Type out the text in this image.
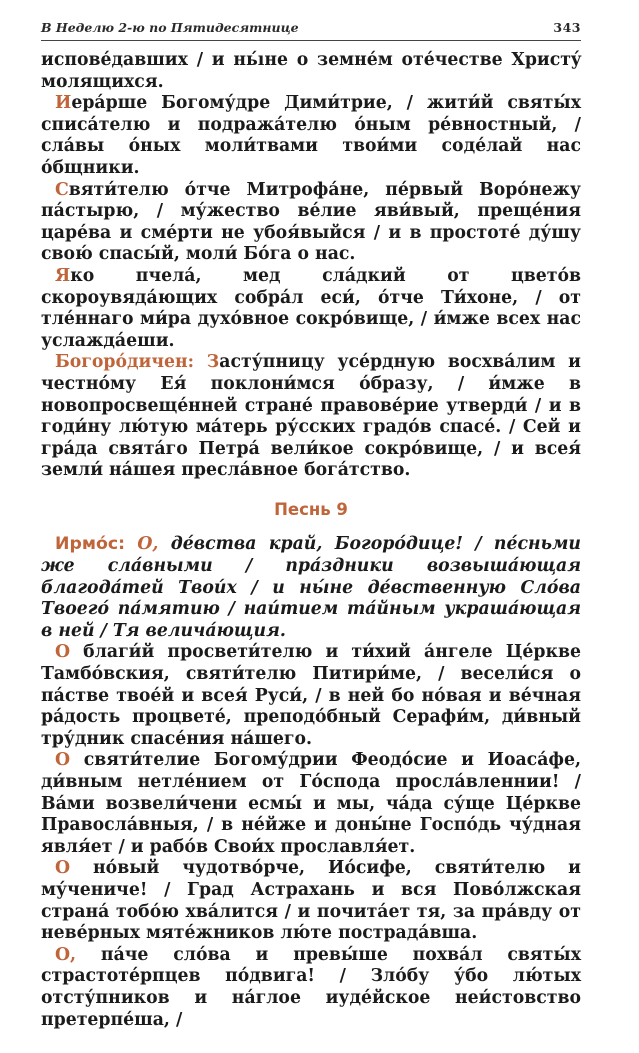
В Неделю 2-ю по Пятидесятнице	343

исповéдавших / и нь́ıне о земнéм отéчестве Христý молящихся.

Иера́рше Богому́дре Дими́трие, / жити́й святы́х списа́телю и подража́телю о́ным ре́вностный, / сла́вы о́ных моли́твами твои́ми соде́лай нас о́бщники.

Святи́телю о́тче Митрофа́не, пе́рвый Воро́нежу па́стырю, / му́жество ве́лие яви́вый, преще́ния царе́ва и сме́рти не убоя́выйся / и в простоте́ ду́шу свою́ спасы́й, моли́ Бо́га о нас.

Яко пчела́, мед сла́дкий от цвето́в скороувяда́ющих собра́л еси́, о́тче Ти́хоне, / от тле́ннаго ми́ра духо́вное сокро́вище, / и́мже всех нас услажда́еши.

Богоро́дичен: Засту́пницу усе́рдную восхва́лим и честно́му Ея́ поклони́мся о́бразу, / и́мже в новопросвеще́нней стране́ правове́рие утверди́ / и в годи́ну лю́тую ма́терь ру́сских градо́в спасе́. / Сей и гра́да свята́го Петра́ вели́кое сокро́вище, / и всея́ земли́ на́шея пресла́вное бога́тство.

Песнь 9

Ирмо́с: О, де́вства край, Богоро́дице! / пе́сньми же сла́вными / пра́здники возвыша́ющая благода́тей Твои́х / и ны́не де́вственную Сло́ва Твоего́ па́мятию / наи́тием та́йным украша́ющая в ней / Тя велича́ющия.

О благи́й просвети́телю и ти́хий а́нгеле Це́ркве Тамбо́вския, святи́телю Питири́ме, / весели́ся о па́стве твое́й и всея́ Руси́, / в ней бо но́вая и ве́чная ра́дость процвете́, преподо́бный Серафи́м, ди́вный тру́дник спасе́ния на́шего.

О святи́телие Богому́дрии Феодо́сие и Иоаса́фе, ди́вным нетле́нием от Го́спода просла́вленнии! / Ва́ми возвели́чени есмы́ и мы, ча́да су́ще Це́ркве Правосла́вныя, / в не́йже и доны́не Госпо́дь чу́дная явля́ет / и рабо́в Свои́х прославля́ет.

О но́вый чудотво́рче, Ио́сифе, святи́телю и му́чениче! / Град Астрахань и вся Пово́лжская страна́ тобо́ю хва́лится / и почита́ет тя, за пра́вду от неве́рных мяте́жников лю́те пострада́вша.

О, па́че сло́ва и превы́ше похва́л святы́х страстоте́рпцев по́двига! / Зло́бу у́бо лю́тых отсту́пников и на́глое иуде́йское неи́стовство претерпе́ша, /
